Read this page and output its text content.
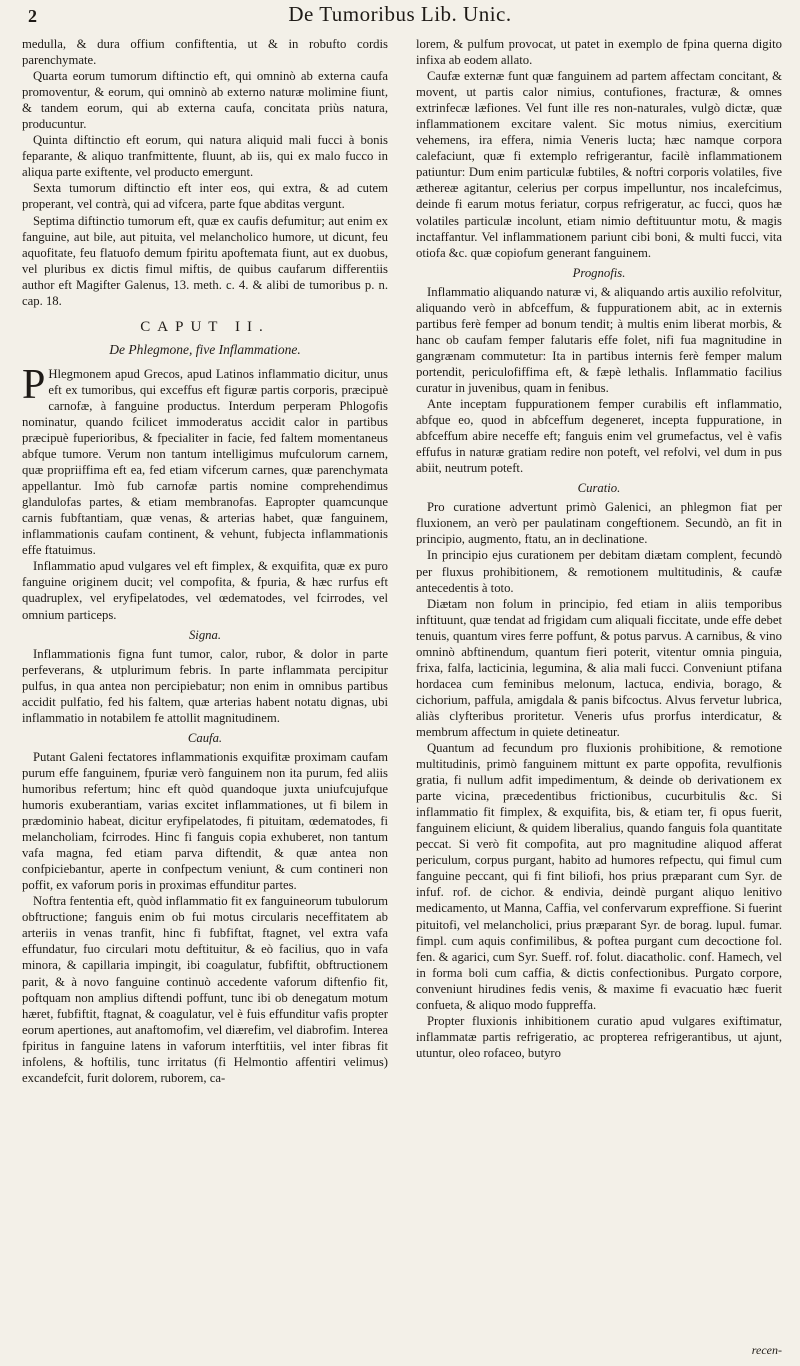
2	De Tumoribus Lib. Unic.

medulla, & dura offium confiftentia, ut & in robufto cordis parenchymate.

Quarta eorum tumorum diftinctio eft, qui omninò ab externa caufa promoventur, & eorum, qui omninò ab externo naturæ molimine fiunt, & tandem eorum, qui ab externa caufa, concitata priùs natura, producuntur.

Quinta diftinctio eft eorum, qui natura aliquid mali fucci à bonis feparante, & aliquo tranfmittente, fluunt, ab iis, qui ex malo fucco in aliqua parte exiftente, vel producto emergunt.

Sexta tumorum diftinctio eft inter eos, qui extra, & ad cutem properant, vel contrà, qui ad vifcera, parte fque abditas vergunt.

Septima diftinctio tumorum eft, quæ ex caufis defumitur; aut enim ex fanguine, aut bile, aut pituita, vel melancholico humore, ut dicunt, feu aquofitate, feu flatuofo demum fpiritu apoftemata fiunt, aut ex duobus, vel pluribus ex dictis fimul miftis, de quibus caufarum differentiis author eft Magifter Galenus, 13. meth. c. 4. & alibi de tumoribus p. n. cap. 18.

CAPUT II.
De Phlegmone, five Inflammatione.

P Hlegmonem apud Grecos, apud Latinos inflammatio dicitur, unus eft ex tumoribus, qui exceffus eft figuræ partis corporis, præcipuè carnofæ, à fanguine productus. Interdum perperam Phlogofis nominatur, quando fcilicet immoderatus accidit calor in partibus præcipuè fuperioribus, & fpecialiter in facie, fed faltem momentaneus abfque tumore. Verum non tantum intelligimus mufculorum carnem, quæ propriiffima eft ea, fed etiam vifcerum carnes, quæ parenchymata appellantur. Imò fub carnofæ partis nomine comprehendimus glandulofas partes, & etiam membranofas. Eapropter quamcunque carnis fubftantiam, quæ venas, & arterias habet, quæ fanguinem, inflammationis caufam continent, & vehunt, fubjecta inflammationis effe ftatuimus.

Inflammatio apud vulgares vel eft fimplex, & exquifita, quæ ex puro fanguine originem ducit; vel compofita, & fpuria, & hæc rurfus eft quadruplex, vel eryfipelatodes, vel œdematodes, vel fcirrodes, vel omnium particeps.

Signa.

Inflammationis figna funt tumor, calor, rubor, & dolor in parte perfeverans, & utplurimum febris. In parte inflammata percipitur pulfus, in qua antea non percipiebatur; non enim in omnibus partibus accidit pulfatio, fed his faltem, quæ arterias habent notatu dignas, ubi inflammatio in notabilem fe attollit magnitudinem.

Caufa.

Putant Galeni fectatores inflammationis exquifitæ proximam caufam purum effe fanguinem, fpuriæ verò fanguinem non ita purum, fed aliis humoribus refertum; hinc eft quòd quandoque juxta uniufcujufque humoris exuberantiam, varias excitet inflammationes, ut fi bilem in prædominio habeat, dicitur eryfipelatodes, fi pituitam, œdematodes, fi melancholiam, fcirrodes. Hinc fi fanguis copia exhuberet, non tantum vafa magna, fed etiam parva diftendit, & quæ antea non confpiciebantur, aperte in confpectum veniunt, & cum contineri non poffit, ex vaforum poris in proximas effunditur partes.

Noftra fententia eft, quòd inflammatio fit ex fanguineorum tubulorum obftructione; fanguis enim ob fui motus circularis neceffitatem ab arteriis in venas tranfit, hinc fi fubfiftat, ftagnet, vel extra vafa effundatur, fuo circulari motu deftituitur, & eò facilius, quo in vafa minora, & capillaria impingit, ibi coagulatur, fubfiftit, obftructionem parit, & à novo fanguine continuò accedente vaforum diftenfio fit, poftquam non amplius diftendi poffunt, tunc ibi ob denegatum motum hæret, fubfiftit, ftagnat, & coagulatur, vel è fuis effunditur vafis propter eorum apertiones, aut anaftomofim, vel diærefim, vel diabrofim. Interea fpiritus in fanguine latens in vaforum interftitiis, vel inter fibras fit infolens, & hoftilis, tunc irritatus (fi Helmontio affentiri velimus) excandefcit, furit dolorem, ruborem, ca-

lorem, & pulfum provocat, ut patet in exemplo de fpina querna digito infixa ab eodem allato.

Caufæ externæ funt quæ fanguinem ad partem affectam concitant, & movent, ut partis calor nimius, contufiones, fracturæ, & omnes extrinfecæ læfiones. Vel funt ille res non-naturales, vulgò dictæ, quæ inflammationem excitare valent. Sic motus nimius, exercitium vehemens, ira effera, nimia Veneris lucta; hæc namque corpora calefaciunt, quæ fi extemplo refrigerantur, facilè inflammationem patiuntur: Dum enim particulæ fubtiles, & noftri corporis volatiles, five æthereæ agitantur, celerius per corpus impelluntur, nos incalefcimus, deinde fi earum motus feriatur, corpus refrigeratur, ac fucci, quos hæ volatiles particulæ incolunt, etiam nimio deftituuntur motu, & magis inctaffantur. Vel inflammationem pariunt cibi boni, & multi fucci, vita otiofa &c. quæ copiofum generant fanguinem.

Prognofis.

Inflammatio aliquando naturæ vi, & aliquando artis auxilio refolvitur, aliquando verò in abfceffum, & fuppurationem abit, ac in externis partibus ferè femper ad bonum tendit; à multis enim liberat morbis, & hanc ob caufam femper falutaris effe folet, nifi fua magnitudine in gangrænam commutetur: Ita in partibus internis ferè femper malum portendit, periculofiffima eft, & fæpè lethalis. Inflammatio facilius curatur in juvenibus, quam in fenibus.

Ante inceptam fuppurationem femper curabilis eft inflammatio, abfque eo, quod in abfceffum degeneret, incepta fuppuratione, in abfceffum abire neceffe eft; fanguis enim vel grumefactus, vel è vafis effufus in naturæ gratiam redire non poteft, vel refolvi, vel dum in pus abiit, neutrum poteft.

Curatio.

Pro curatione advertunt primò Galenici, an phlegmon fiat per fluxionem, an verò per paulatinam congeftionem. Secundò, an fit in principio, augmento, ftatu, an in declinatione.

In principio ejus curationem per debitam diætam complent, fecundò per fluxus prohibitionem, & remotionem multitudinis, & caufæ antecedentis à toto.

Diætam non folum in principio, fed etiam in aliis temporibus inftituunt, quæ tendat ad frigidam cum aliquali ficcitate, unde effe debet tenuis, quantum vires ferre poffunt, & potus parvus. A carnibus, & vino omninò abftinendum, quantum fieri poterit, vitentur omnia pinguia, frixa, falfa, lacticinia, legumina, & alia mali fucci. Conveniunt ptifana hordacea cum feminibus melonum, lactuca, endivia, borago, & cichorium, paffula, amigdala & panis bifcoctus. Alvus fervetur lubrica, aliàs clyfteribus proritetur. Veneris ufus prorfus interdicatur, & membrum affectum in quiete detineatur.

Quantum ad fecundum pro fluxionis prohibitione, & remotione multitudinis, primò fanguinem mittunt ex parte oppofita, revulfionis gratia, fi nullum adfit impedimentum, & deinde ob derivationem ex parte vicina, præcedentibus frictionibus, cucurbitulis &c. Si inflammatio fit fimplex, & exquifita, bis, & etiam ter, fi opus fuerit, fanguinem eliciunt, & quidem liberalius, quando fanguis fola quantitate peccat. Si verò fit compofita, aut pro magnitudine aliquod afferat periculum, corpus purgant, habito ad humores refpectu, qui fimul cum fanguine peccant, qui fi fint biliofi, hos prius præparant cum Syr. de infuf. rof. de cichor. & endivia, deindè purgant aliquo lenitivo medicamento, ut Manna, Caffia, vel confervarum expreffione. Si fuerint pituitofi, vel melancholici, prius præparant Syr. de borag. lupul. fumar. fimpl. cum aquis confimilibus, & poftea purgant cum decoctione fol. fen. & agarici, cum Syr. Sueff. rof. folut. diacatholic. conf. Hamech, vel in forma boli cum caffia, & dictis confectionibus. Purgato corpore, conveniunt hirudines fedis venis, & maxime fi evacuatio hæc fuerit confueta, & aliquo modo fuppreffa.

Propter fluxionis inhibitionem curatio apud vulgares exiftimatur, inflammatæ partis refrigeratio, ac propterea refrigerantibus, ut ajunt, utuntur, oleo rofaceo, butyro

recen-
